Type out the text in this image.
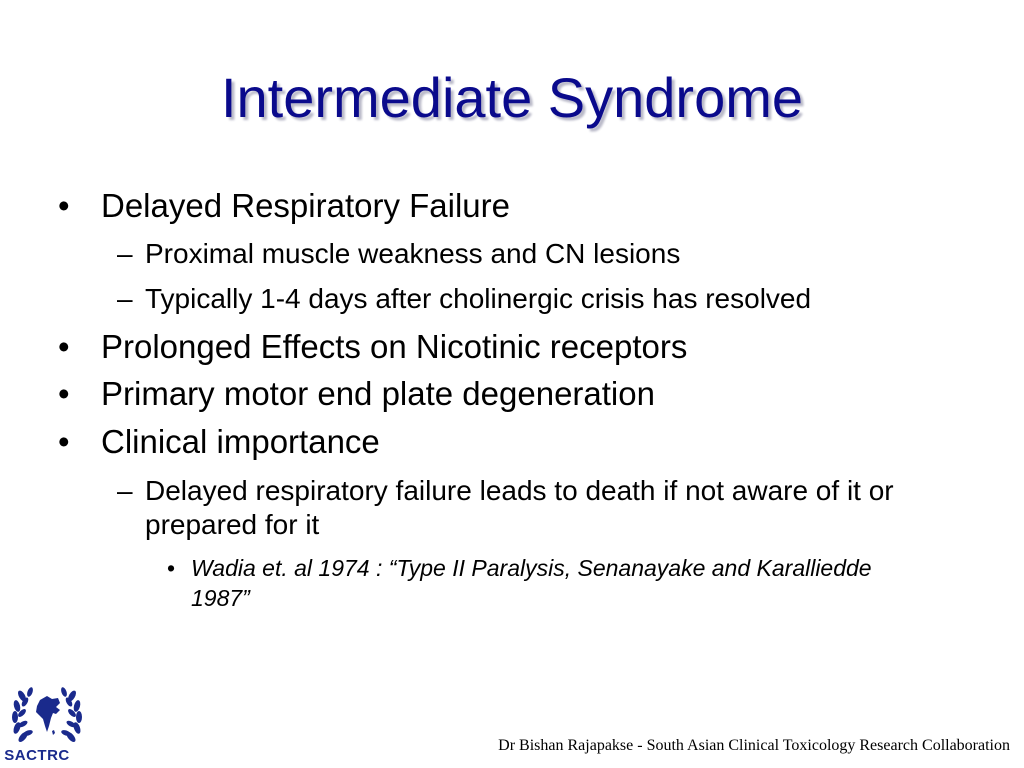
Intermediate Syndrome
• Delayed Respiratory Failure
– Proximal muscle weakness and CN lesions
– Typically 1-4 days after cholinergic crisis has resolved
• Prolonged Effects on Nicotinic receptors
• Primary motor end plate degeneration
• Clinical importance
– Delayed respiratory failure leads to death if not aware of it or prepared for it
• Wadia et. al 1974 : “Type II Paralysis, Senanayake and Karalliedde 1987”
SACTRC
Dr Bishan Rajapakse - South Asian Clinical Toxicology Research Collaboration
